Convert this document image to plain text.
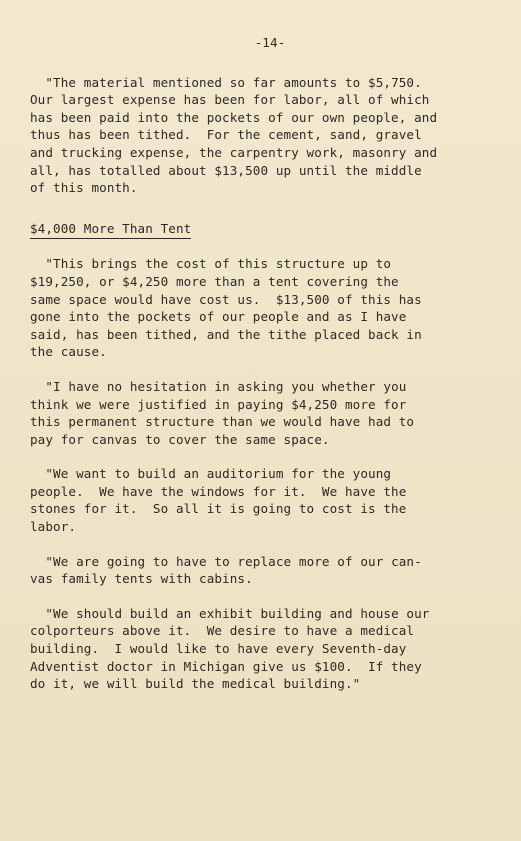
-14-

"The material mentioned so far amounts to $5,750.
Our largest expense has been for labor, all of which
has been paid into the pockets of our own people, and
thus has been tithed.  For the cement, sand, gravel
and trucking expense, the carpentry work, masonry and
all, has totalled about $13,500 up until the middle
of this month.

$4,000 More Than Tent

"This brings the cost of this structure up to
$19,250, or $4,250 more than a tent covering the
same space would have cost us.  $13,500 of this has
gone into the pockets of our people and as I have
said, has been tithed, and the tithe placed back in
the cause.

"I have no hesitation in asking you whether you
think we were justified in paying $4,250 more for
this permanent structure than we would have had to
pay for canvas to cover the same space.

"We want to build an auditorium for the young
people.  We have the windows for it.  We have the
stones for it.  So all it is going to cost is the
labor.

"We are going to have to replace more of our can-
vas family tents with cabins.

"We should build an exhibit building and house our
colporteurs above it.  We desire to have a medical
building.  I would like to have every Seventh-day
Adventist doctor in Michigan give us $100.  If they
do it, we will build the medical building."
